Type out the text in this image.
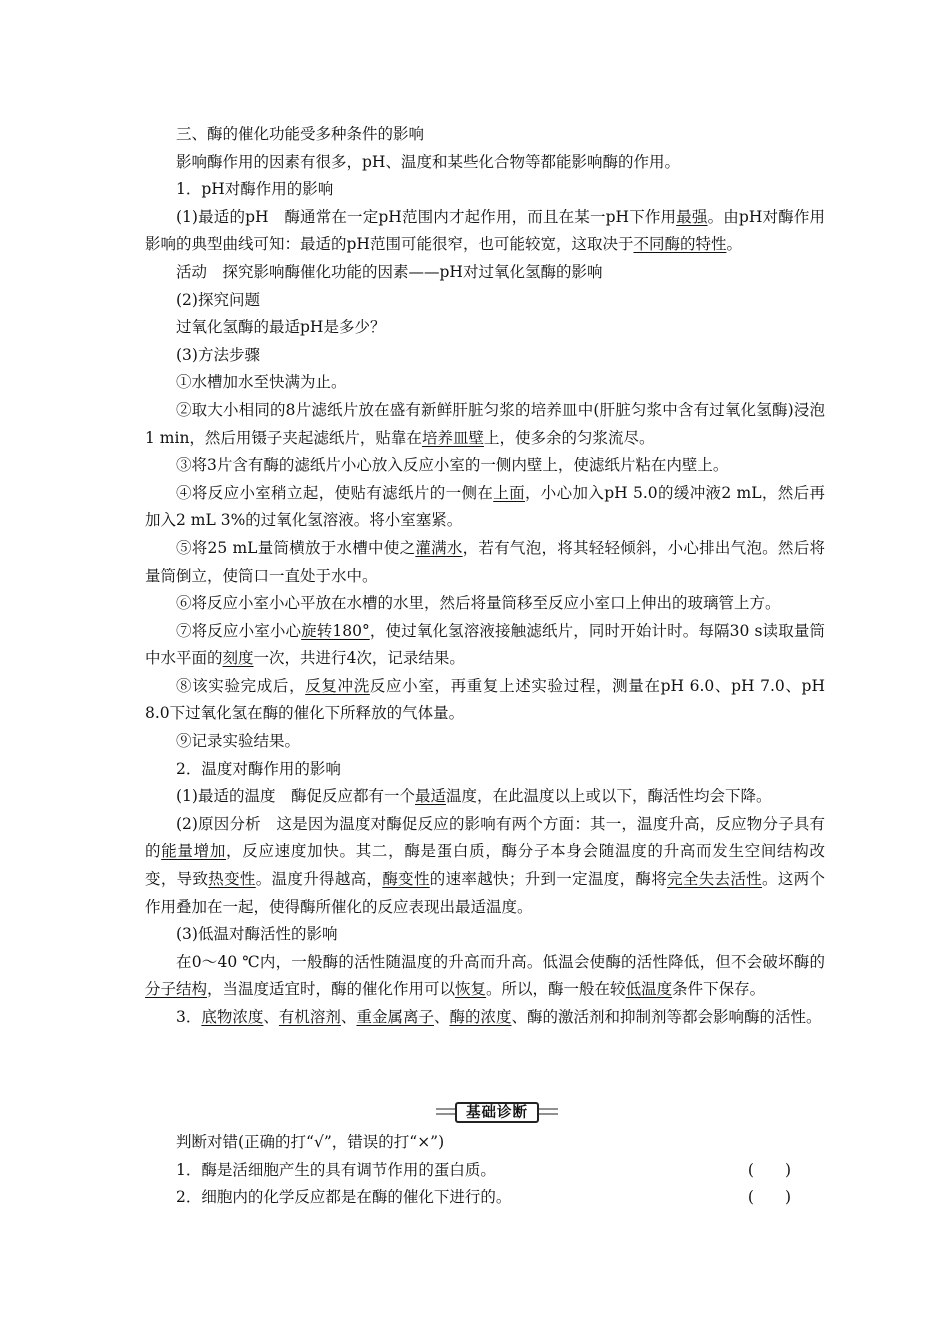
三、酶的催化功能受多种条件的影响

影响酶作用的因素有很多，pH、温度和某些化合物等都能影响酶的作用。

1．pH对酶作用的影响

(1)最适的pH　酶通常在一定pH范围内才起作用，而且在某一pH下作用最强。由pH对酶作用影响的典型曲线可知：最适的pH范围可能很窄，也可能较宽，这取决于不同酶的特性。

活动　探究影响酶催化功能的因素——pH对过氧化氢酶的影响

(2)探究问题

过氧化氢酶的最适pH是多少？

(3)方法步骤

①水槽加水至快满为止。

②取大小相同的8片滤纸片放在盛有新鲜肝脏匀浆的培养皿中(肝脏匀浆中含有过氧化氢酶)浸泡1 min，然后用镊子夹起滤纸片，贴靠在培养皿壁上，使多余的匀浆流尽。

③将3片含有酶的滤纸片小心放入反应小室的一侧内壁上，使滤纸片粘在内壁上。

④将反应小室稍立起，使贴有滤纸片的一侧在上面，小心加入pH 5.0的缓冲液2 mL，然后再加入2 mL 3%的过氧化氢溶液。将小室塞紧。

⑤将25 mL量筒横放于水槽中使之灌满水，若有气泡，将其轻轻倾斜，小心排出气泡。然后将量筒倒立，使筒口一直处于水中。

⑥将反应小室小心平放在水槽的水里，然后将量筒移至反应小室口上伸出的玻璃管上方。

⑦将反应小室小心旋转180°，使过氧化氢溶液接触滤纸片，同时开始计时。每隔30 s读取量筒中水平面的刻度一次，共进行4次，记录结果。

⑧该实验完成后，反复冲洗反应小室，再重复上述实验过程，测量在pH 6.0、pH 7.0、pH 8.0下过氧化氢在酶的催化下所释放的气体量。

⑨记录实验结果。

2．温度对酶作用的影响

(1)最适的温度　酶促反应都有一个最适温度，在此温度以上或以下，酶活性均会下降。

(2)原因分析　这是因为温度对酶促反应的影响有两个方面：其一，温度升高，反应物分子具有的能量增加，反应速度加快。其二，酶是蛋白质，酶分子本身会随温度的升高而发生空间结构改变，导致热变性。温度升得越高，酶变性的速率越快；升到一定温度，酶将完全失去活性。这两个作用叠加在一起，使得酶所催化的反应表现出最适温度。

(3)低温对酶活性的影响

在0～40 ℃内，一般酶的活性随温度的升高而升高。低温会使酶的活性降低，但不会破坏酶的分子结构，当温度适宜时，酶的催化作用可以恢复。所以，酶一般在较低温度条件下保存。

3．底物浓度、有机溶剂、重金属离子、酶的浓度、酶的激活剂和抑制剂等都会影响酶的活性。

基础诊断

判断对错(正确的打“√”，错误的打“×”)

1．酶是活细胞产生的具有调节作用的蛋白质。	(　　)

2．细胞内的化学反应都是在酶的催化下进行的。	(　　)
